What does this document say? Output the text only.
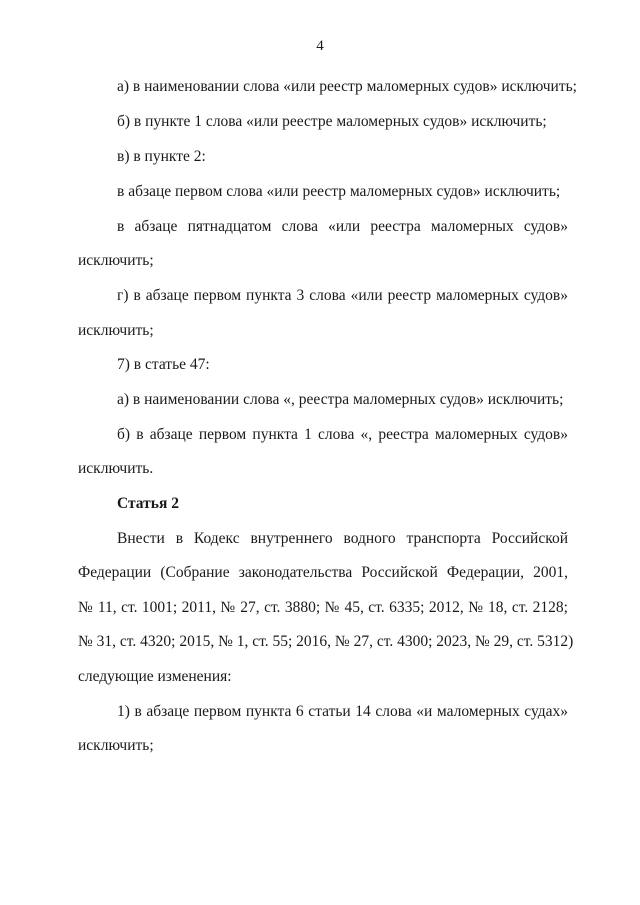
4
а) в наименовании слова «или реестр маломерных судов» исключить;
б) в пункте 1 слова «или реестре маломерных судов» исключить;
в) в пункте 2:
в абзаце первом слова «или реестр маломерных судов» исключить;
в абзаце пятнадцатом слова «или реестра маломерных судов»
исключить;
г) в абзаце первом пункта 3 слова «или реестр маломерных судов»
исключить;
7) в статье 47:
а) в наименовании слова «, реестра маломерных судов» исключить;
б) в абзаце первом пункта 1 слова «, реестра маломерных судов»
исключить.
Статья 2
Внести в Кодекс внутреннего водного транспорта Российской
Федерации (Собрание законодательства Российской Федерации, 2001,
№ 11, ст. 1001; 2011, № 27, ст. 3880; № 45, ст. 6335; 2012, № 18, ст. 2128;
№ 31, ст. 4320; 2015, № 1, ст. 55; 2016, № 27, ст. 4300; 2023, № 29, ст. 5312)
следующие изменения:
1) в абзаце первом пункта 6 статьи 14 слова «и маломерных судах»
исключить;
